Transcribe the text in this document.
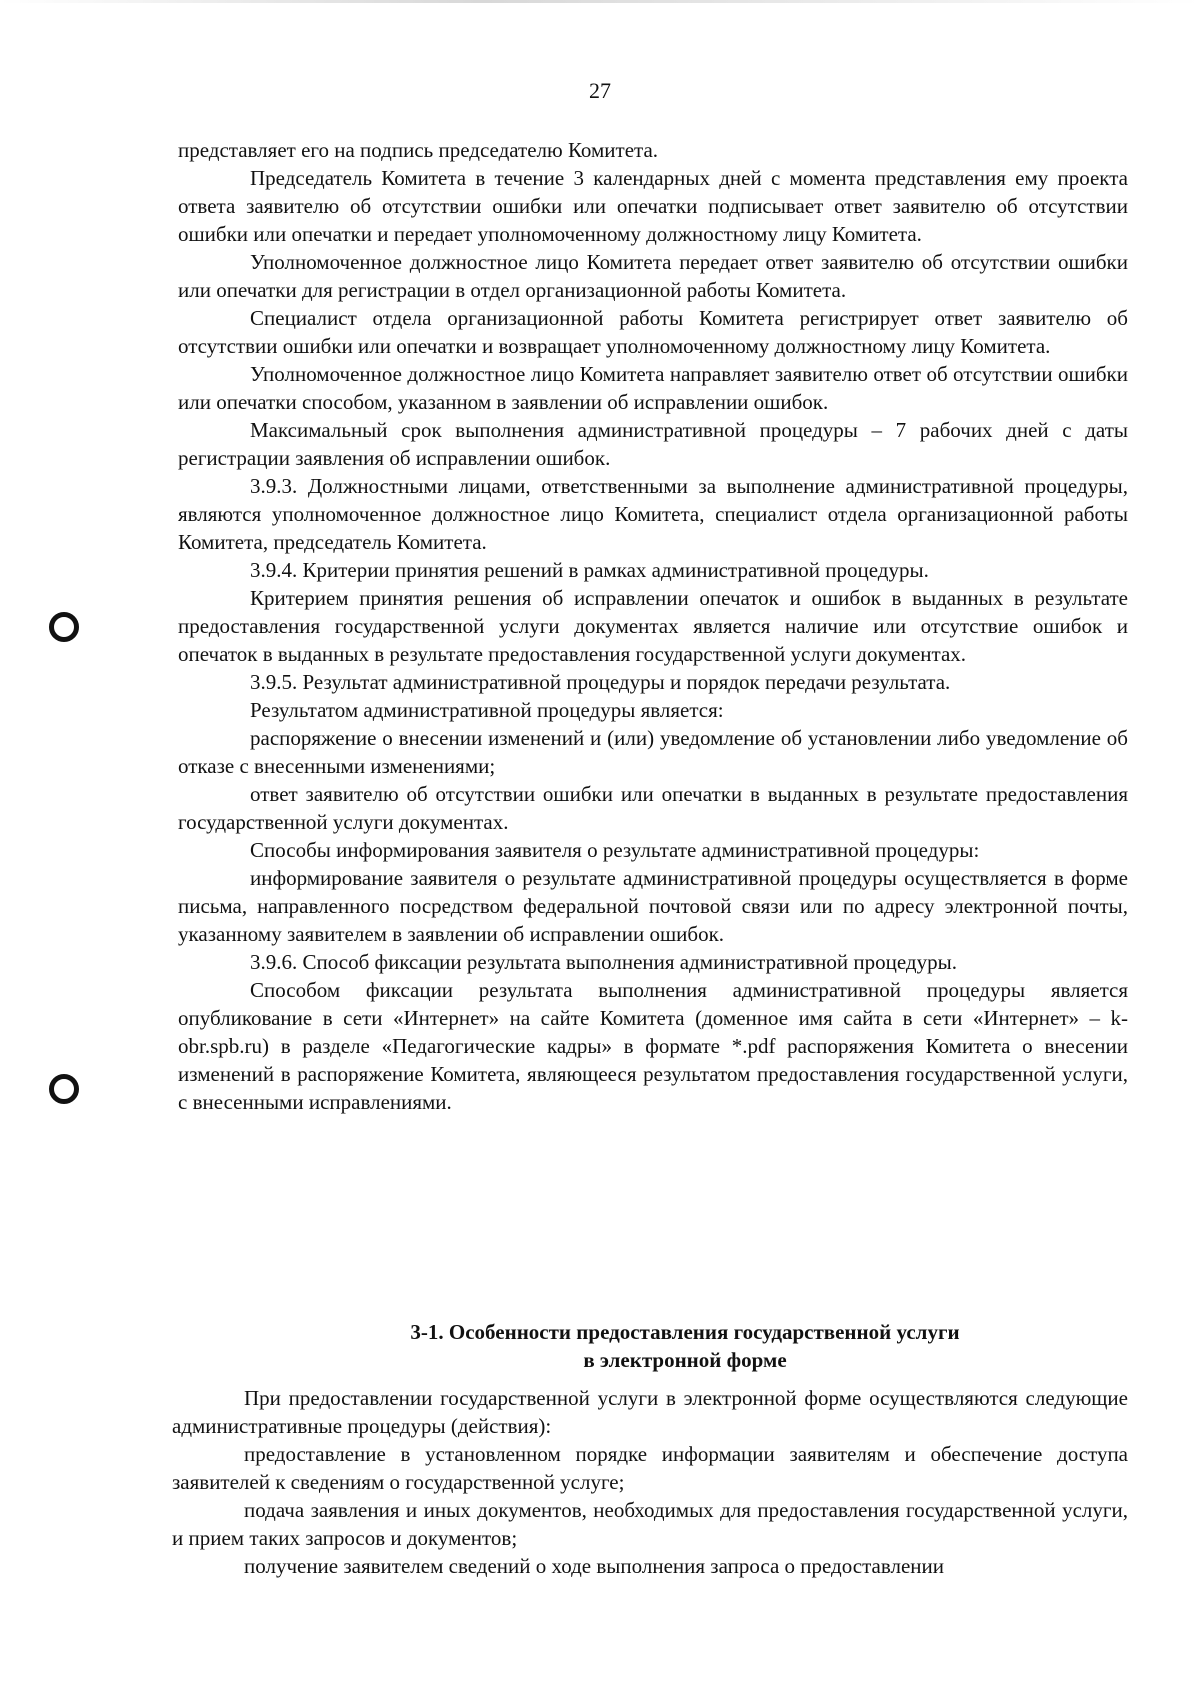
27

представляет его на подпись председателю Комитета.

Председатель Комитета в течение 3 календарных дней с момента представления ему проекта ответа заявителю об отсутствии ошибки или опечатки подписывает ответ заявителю об отсутствии ошибки или опечатки и передает уполномоченному должностному лицу Комитета.

Уполномоченное должностное лицо Комитета передает ответ заявителю об отсутствии ошибки или опечатки для регистрации в отдел организационной работы Комитета.

Специалист отдела организационной работы Комитета регистрирует ответ заявителю об отсутствии ошибки или опечатки и возвращает уполномоченному должностному лицу Комитета.

Уполномоченное должностное лицо Комитета направляет заявителю ответ об отсутствии ошибки или опечатки способом, указанном в заявлении об исправлении ошибок.

Максимальный срок выполнения административной процедуры – 7 рабочих дней с даты регистрации заявления об исправлении ошибок.

3.9.3. Должностными лицами, ответственными за выполнение административной процедуры, являются уполномоченное должностное лицо Комитета, специалист отдела организационной работы Комитета, председатель Комитета.

3.9.4. Критерии принятия решений в рамках административной процедуры.

Критерием принятия решения об исправлении опечаток и ошибок в выданных в результате предоставления государственной услуги документах является наличие или отсутствие ошибок и опечаток в выданных в результате предоставления государственной услуги документах.

3.9.5. Результат административной процедуры и порядок передачи результата.

Результатом административной процедуры является:

распоряжение о внесении изменений и (или) уведомление об установлении либо уведомление об отказе с внесенными изменениями;

ответ заявителю об отсутствии ошибки или опечатки в выданных в результате предоставления государственной услуги документах.

Способы информирования заявителя о результате административной процедуры:

информирование заявителя о результате административной процедуры осуществляется в форме письма, направленного посредством федеральной почтовой связи или по адресу электронной почты, указанному заявителем в заявлении об исправлении ошибок.

3.9.6. Способ фиксации результата выполнения административной процедуры.

Способом фиксации результата выполнения административной процедуры является опубликование в сети «Интернет» на сайте Комитета (доменное имя сайта в сети «Интернет» – k-obr.spb.ru) в разделе «Педагогические кадры» в формате *.pdf распоряжения Комитета о внесении изменений в распоряжение Комитета, являющееся результатом предоставления государственной услуги, с внесенными исправлениями.

3-1. Особенности предоставления государственной услуги
в электронной форме

При предоставлении государственной услуги в электронной форме осуществляются следующие административные процедуры (действия):

предоставление в установленном порядке информации заявителям и обеспечение доступа заявителей к сведениям о государственной услуге;

подача заявления и иных документов, необходимых для предоставления государственной услуги, и прием таких запросов и документов;

получение заявителем сведений о ходе выполнения запроса о предоставлении
